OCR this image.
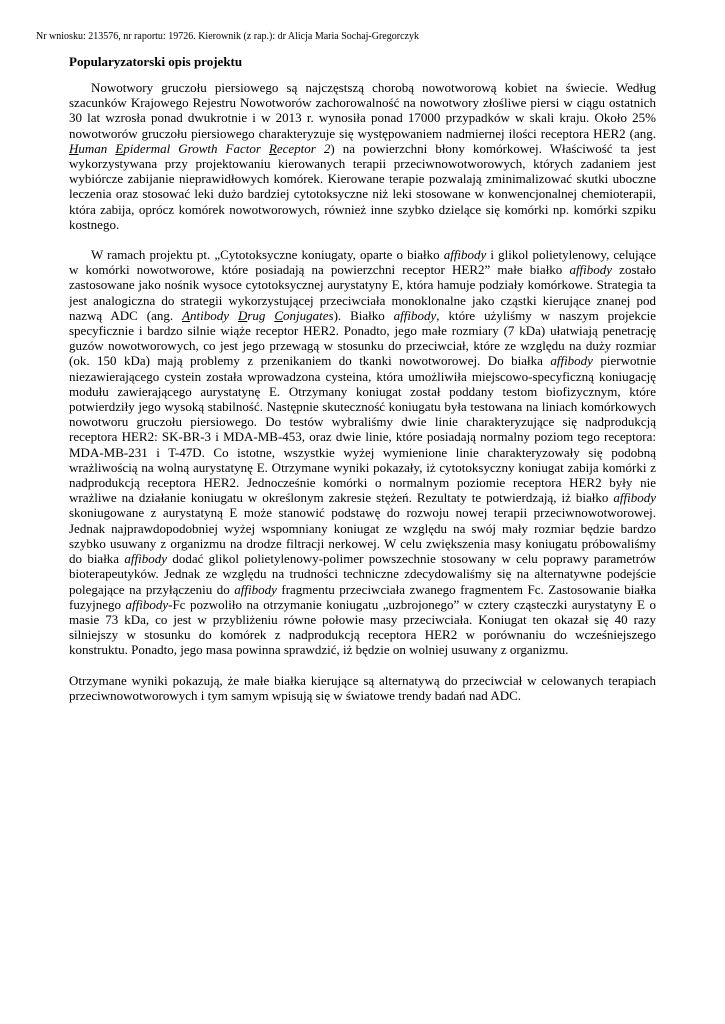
Nr wniosku: 213576, nr raportu: 19726. Kierownik (z rap.): dr Alicja Maria Sochaj-Gregorczyk
Popularyzatorski opis projektu

Nowotwory gruczołu piersiowego są najczęstszą chorobą nowotworową kobiet na świecie. Według szacunków Krajowego Rejestru Nowotworów zachorowalność na nowotwory złośliwe piersi w ciągu ostatnich 30 lat wzrosła ponad dwukrotnie i w 2013 r. wynosiła ponad 17000 przypadków w skali kraju. Około 25% nowotworów gruczołu piersiowego charakteryzuje się występowaniem nadmiernej ilości receptora HER2 (ang. Human Epidermal Growth Factor Receptor 2) na powierzchni błony komórkowej. Właściwość ta jest wykorzystywana przy projektowaniu kierowanych terapii przeciwnowotworowych, których zadaniem jest wybiórcze zabijanie nieprawidłowych komórek. Kierowane terapie pozwalają zminimalizować skutki uboczne leczenia oraz stosować leki dużo bardziej cytotoksyczne niż leki stosowane w konwencjonalnej chemioterapii, która zabija, oprócz komórek nowotworowych, również inne szybko dzielące się komórki np. komórki szpiku kostnego.

W ramach projektu pt. „Cytotoksyczne koniugaty, oparte o białko affibody i glikol polietylenowy, celujące w komórki nowotworowe, które posiadają na powierzchni receptor HER2” małe białko affibody zostało zastosowane jako nośnik wysoce cytotoksycznej aurystatyny E, która hamuje podziały komórkowe. Strategia ta jest analogiczna do strategii wykorzystującej przeciwciała monoklonalne jako cząstki kierujące znanej pod nazwą ADC (ang. Antibody Drug Conjugates). Białko affibody, które użyliśmy w naszym projekcie specyficznie i bardzo silnie wiąże receptor HER2. Ponadto, jego małe rozmiary (7 kDa) ułatwiają penetrację guzów nowotworowych, co jest jego przewagą w stosunku do przeciwciał, które ze względu na duży rozmiar (ok. 150 kDa) mają problemy z przenikaniem do tkanki nowotworowej. Do białka affibody pierwotnie niezawierającego cystein została wprowadzona cysteina, która umożliwiła miejscowo-specyficzną koniugację modułu zawierającego aurystatynę E. Otrzymany koniugat został poddany testom biofizycznym, które potwierdziły jego wysoką stabilność. Następnie skuteczność koniugatu była testowana na liniach komórkowych nowotworu gruczołu piersiowego. Do testów wybraliśmy dwie linie charakteryzujące się nadprodukcją receptora HER2: SK-BR-3 i MDA-MB-453, oraz dwie linie, które posiadają normalny poziom tego receptora: MDA-MB-231 i T-47D. Co istotne, wszystkie wyżej wymienione linie charakteryzowały się podobną wrażliwością na wolną aurystatynę E. Otrzymane wyniki pokazały, iż cytotoksyczny koniugat zabija komórki z nadprodukcją receptora HER2. Jednocześnie komórki o normalnym poziomie receptora HER2 były nie wrażliwe na działanie koniugatu w określonym zakresie stężeń. Rezultaty te potwierdzają, iż białko affibody skoniugowane z aurystatyną E może stanowić podstawę do rozwoju nowej terapii przeciwnowotworowej. Jednak najprawdopodobniej wyżej wspomniany koniugat ze względu na swój mały rozmiar będzie bardzo szybko usuwany z organizmu na drodze filtracji nerkowej. W celu zwiększenia masy koniugatu próbowaliśmy do białka affibody dodać glikol polietylenowy-polimer powszechnie stosowany w celu poprawy parametrów bioterapeutyków. Jednak ze względu na trudności techniczne zdecydowaliśmy się na alternatywne podejście polegające na przyłączeniu do affibody fragmentu przeciwciała zwanego fragmentem Fc. Zastosowanie białka fuzyjnego affibody-Fc pozwoliło na otrzymanie koniugatu „uzbrojonego” w cztery cząsteczki aurystatyny E o masie 73 kDa, co jest w przybliżeniu równe połowie masy przeciwciała. Koniugat ten okazał się 40 razy silniejszy w stosunku do komórek z nadprodukcją receptora HER2 w porównaniu do wcześniejszego konstruktu. Ponadto, jego masa powinna sprawdzić, iż będzie on wolniej usuwany z organizmu.

Otrzymane wyniki pokazują, że małe białka kierujące są alternatywą do przeciwciał w celowanych terapiach przeciwnowotworowych i tym samym wpisują się w światowe trendy badań nad ADC.
